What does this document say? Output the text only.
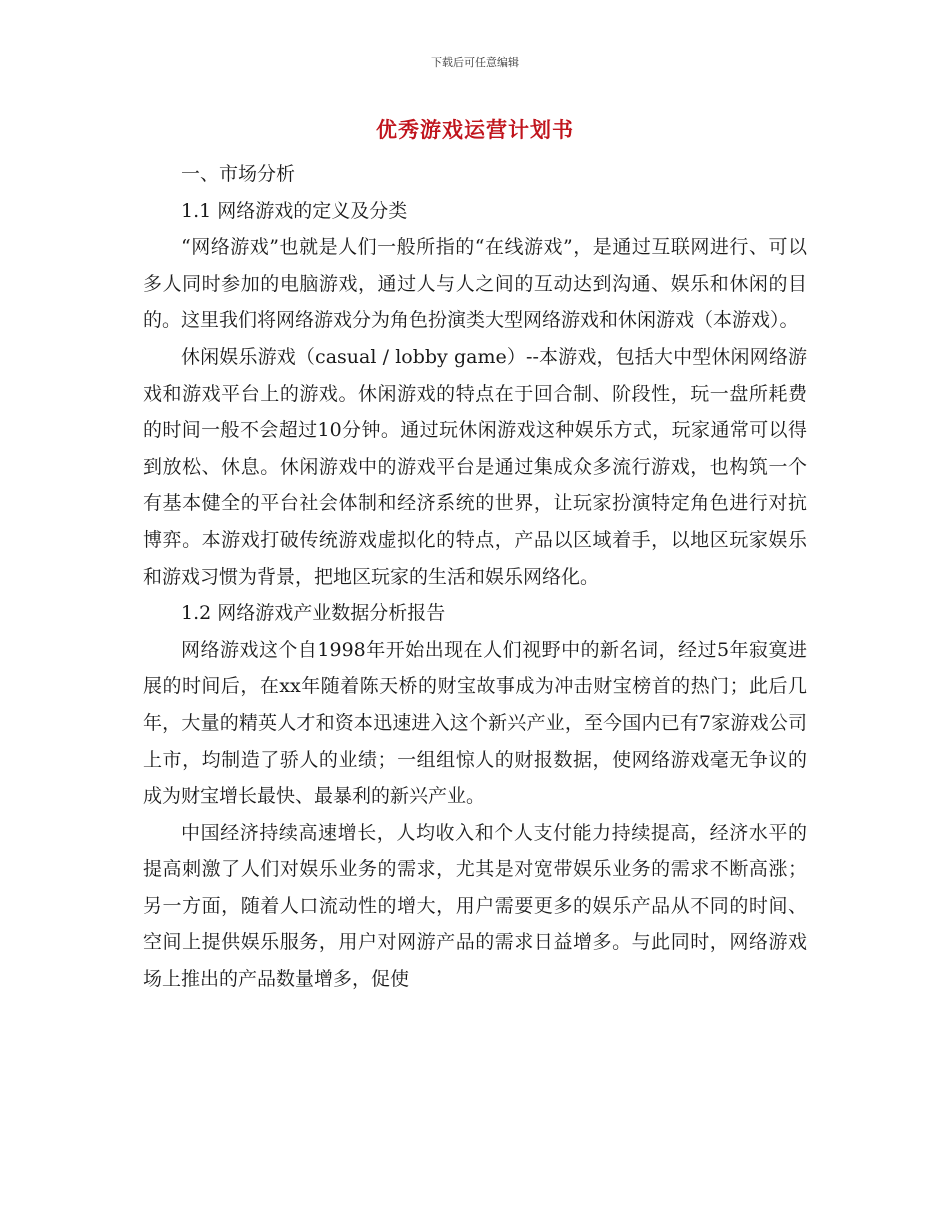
下载后可任意编辑
优秀游戏运营计划书
一、市场分析
1.1 网络游戏的定义及分类

“网络游戏”也就是人们一般所指的“在线游戏”，是通过互联网进行、可以多人同时参加的电脑游戏，通过人与人之间的互动达到沟通、娱乐和休闲的目的。这里我们将网络游戏分为角色扮演类大型网络游戏和休闲游戏（本游戏）。

休闲娱乐游戏（casual / lobby game）--本游戏，包括大中型休闲网络游戏和游戏平台上的游戏。休闲游戏的特点在于回合制、阶段性，玩一盘所耗费的时间一般不会超过10分钟。通过玩休闲游戏这种娱乐方式，玩家通常可以得到放松、休息。休闲游戏中的游戏平台是通过集成众多流行游戏，也构筑一个有基本健全的平台社会体制和经济系统的世界，让玩家扮演特定角色进行对抗博弈。本游戏打破传统游戏虚拟化的特点，产品以区域着手，以地区玩家娱乐和游戏习惯为背景，把地区玩家的生活和娱乐网络化。

1.2 网络游戏产业数据分析报告

网络游戏这个自1998年开始出现在人们视野中的新名词，经过5年寂寞进展的时间后，在xx年随着陈天桥的财宝故事成为冲击财宝榜首的热门；此后几年，大量的精英人才和资本迅速进入这个新兴产业，至今国内已有7家游戏公司上市，均制造了骄人的业绩；一组组惊人的财报数据，使网络游戏毫无争议的成为财宝增长最快、最暴利的新兴产业。

中国经济持续高速增长，人均收入和个人支付能力持续提高，经济水平的提高刺激了人们对娱乐业务的需求，尤其是对宽带娱乐业务的需求不断高涨；另一方面，随着人口流动性的增大，用户需要更多的娱乐产品从不同的时间、空间上提供娱乐服务，用户对网游产品的需求日益增多。与此同时，网络游戏场上推出的产品数量增多，促使
